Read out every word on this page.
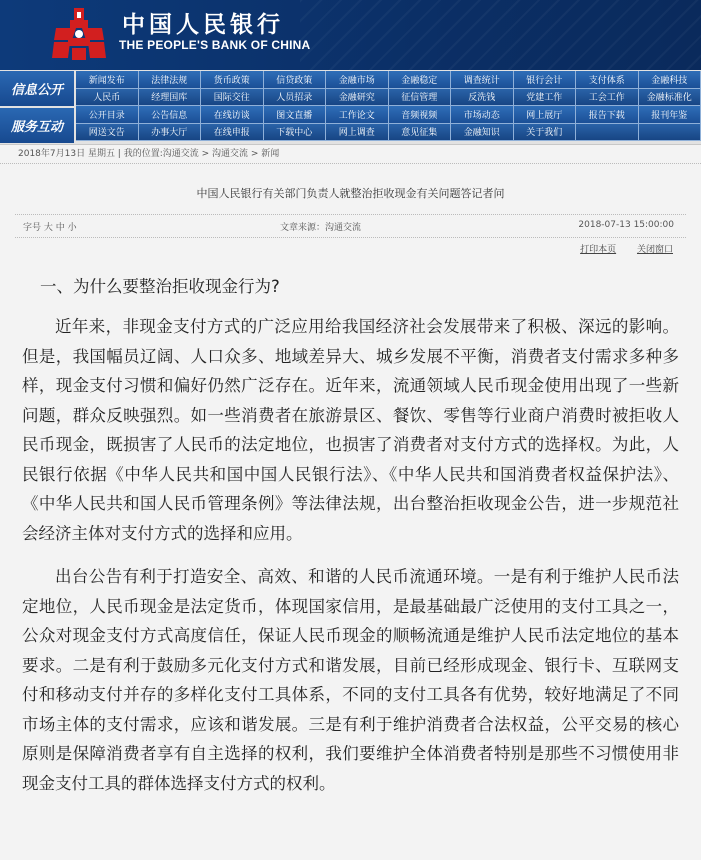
中国人民银行
THE PEOPLE'S BANK OF CHINA
信息公开
服务互动
新闻发布	法律法规	货币政策	信贷政策	金融市场	金融稳定	调查统计	银行会计	支付体系	金融科技
人民币	经理国库	国际交往	人员招录	金融研究	征信管理	反洗钱	党建工作	工会工作	金融标准化
公开目录	公告信息	在线访谈	图文直播	工作论文	音频视频	市场动态	网上展厅	报告下载	报刊年鉴
网送文告	办事大厅	在线申报	下载中心	网上调查	意见征集	金融知识	关于我们
2018年7月13日 星期五 | 我的位置:沟通交流 > 沟通交流 > 新闻
中国人民银行有关部门负责人就整治拒收现金有关问题答记者问
字号 大 中 小	文章来源：沟通交流	2018-07-13 15:00:00
打印本页 关闭窗口
一、为什么要整治拒收现金行为?

近年来，非现金支付方式的广泛应用给我国经济社会发展带来了积极、深远的影响。但是，我国幅员辽阔、人口众多、地域差异大、城乡发展不平衡，消费者支付需求多种多样，现金支付习惯和偏好仍然广泛存在。近年来，流通领域人民币现金使用出现了一些新问题，群众反映强烈。如一些消费者在旅游景区、餐饮、零售等行业商户消费时被拒收人民币现金，既损害了人民币的法定地位，也损害了消费者对支付方式的选择权。为此，人民银行依据《中华人民共和国中国人民银行法》、《中华人民共和国消费者权益保护法》、《中华人民共和国人民币管理条例》等法律法规，出台整治拒收现金公告，进一步规范社会经济主体对支付方式的选择和应用。

出台公告有利于打造安全、高效、和谐的人民币流通环境。一是有利于维护人民币法定地位，人民币现金是法定货币，体现国家信用，是最基础最广泛使用的支付工具之一，公众对现金支付方式高度信任，保证人民币现金的顺畅流通是维护人民币法定地位的基本要求。二是有利于鼓励多元化支付方式和谐发展，目前已经形成现金、银行卡、互联网支付和移动支付并存的多样化支付工具体系，不同的支付工具各有优势，较好地满足了不同市场主体的支付需求，应该和谐发展。三是有利于维护消费者合法权益，公平交易的核心原则是保障消费者享有自主选择的权利，我们要维护全体消费者特别是那些不习惯使用非现金支付工具的群体选择支付方式的权利。
